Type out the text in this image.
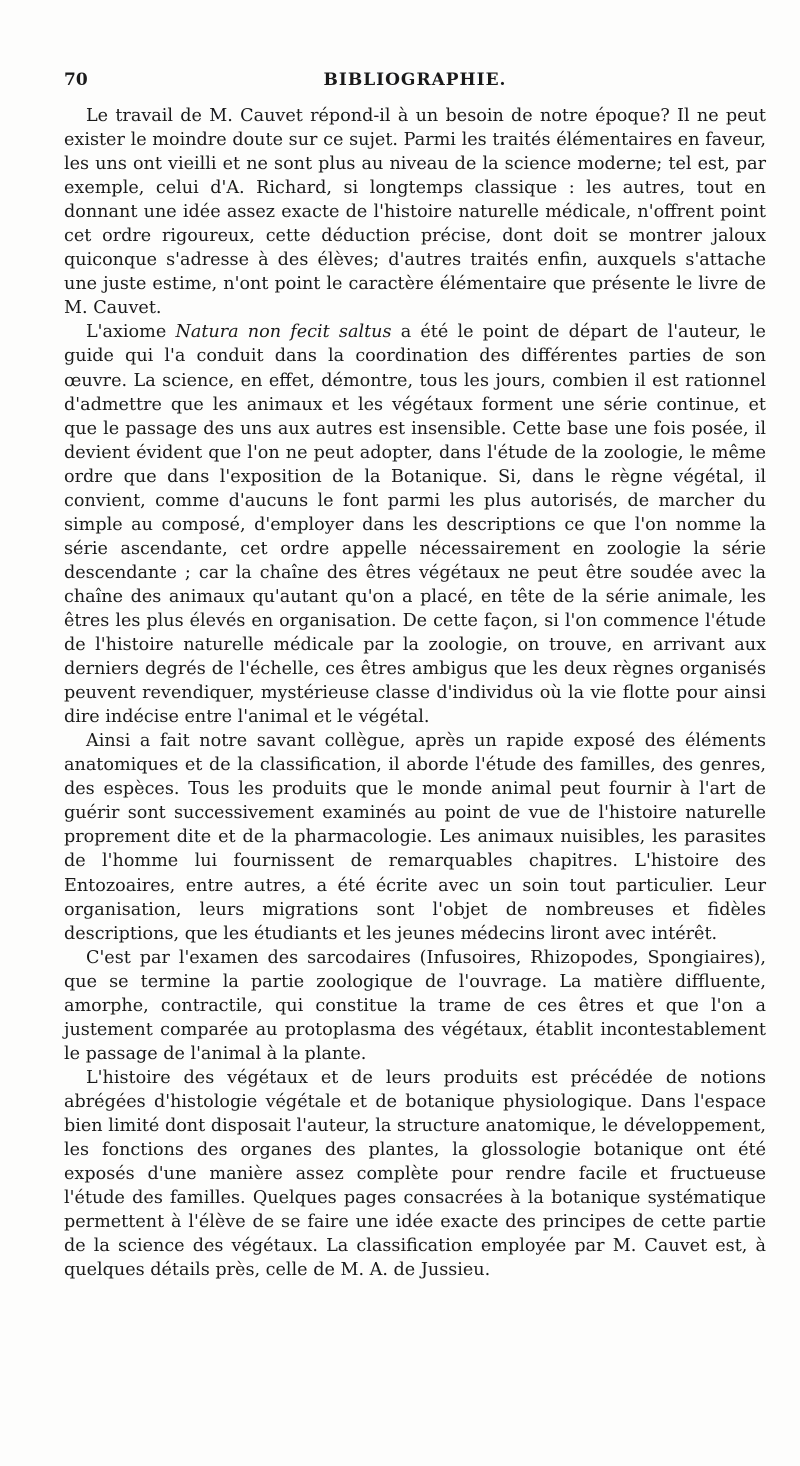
70	BIBLIOGRAPHIE.

Le travail de M. Cauvet répond-il à un besoin de notre époque? Il ne peut exister le moindre doute sur ce sujet. Parmi les traités élémentaires en faveur, les uns ont vieilli et ne sont plus au niveau de la science moderne; tel est, par exemple, celui d'A. Richard, si longtemps classique : les autres, tout en donnant une idée assez exacte de l'histoire naturelle médicale, n'offrent point cet ordre rigoureux, cette déduction précise, dont doit se montrer jaloux quiconque s'adresse à des élèves; d'autres traités enfin, auxquels s'attache une juste estime, n'ont point le caractère élémentaire que présente le livre de M. Cauvet.

L'axiome Natura non fecit saltus a été le point de départ de l'auteur, le guide qui l'a conduit dans la coordination des différentes parties de son œuvre. La science, en effet, démontre, tous les jours, combien il est rationnel d'admettre que les animaux et les végétaux forment une série continue, et que le passage des uns aux autres est insensible. Cette base une fois posée, il devient évident que l'on ne peut adopter, dans l'étude de la zoologie, le même ordre que dans l'exposition de la Botanique. Si, dans le règne végétal, il convient, comme d'aucuns le font parmi les plus autorisés, de marcher du simple au composé, d'employer dans les descriptions ce que l'on nomme la série ascendante, cet ordre appelle nécessairement en zoologie la série descendante ; car la chaîne des êtres végétaux ne peut être soudée avec la chaîne des animaux qu'autant qu'on a placé, en tête de la série animale, les êtres les plus élevés en organisation. De cette façon, si l'on commence l'étude de l'histoire naturelle médicale par la zoologie, on trouve, en arrivant aux derniers degrés de l'échelle, ces êtres ambigus que les deux règnes organisés peuvent revendiquer, mystérieuse classe d'individus où la vie flotte pour ainsi dire indécise entre l'animal et le végétal.

Ainsi a fait notre savant collègue, après un rapide exposé des éléments anatomiques et de la classification, il aborde l'étude des familles, des genres, des espèces. Tous les produits que le monde animal peut fournir à l'art de guérir sont successivement examinés au point de vue de l'histoire naturelle proprement dite et de la pharmacologie. Les animaux nuisibles, les parasites de l'homme lui fournissent de remarquables chapitres. L'histoire des Entozoaires, entre autres, a été écrite avec un soin tout particulier. Leur organisation, leurs migrations sont l'objet de nombreuses et fidèles descriptions, que les étudiants et les jeunes médecins liront avec intérêt.

C'est par l'examen des sarcodaires (Infusoires, Rhizopodes, Spongiaires), que se termine la partie zoologique de l'ouvrage. La matière diffluente, amorphe, contractile, qui constitue la trame de ces êtres et que l'on a justement comparée au protoplasma des végétaux, établit incontestablement le passage de l'animal à la plante.

L'histoire des végétaux et de leurs produits est précédée de notions abrégées d'histologie végétale et de botanique physiologique. Dans l'espace bien limité dont disposait l'auteur, la structure anatomique, le développement, les fonctions des organes des plantes, la glossologie botanique ont été exposés d'une manière assez complète pour rendre facile et fructueuse l'étude des familles. Quelques pages consacrées à la botanique systématique permettent à l'élève de se faire une idée exacte des principes de cette partie de la science des végétaux. La classification employée par M. Cauvet est, à quelques détails près, celle de M. A. de Jussieu.
